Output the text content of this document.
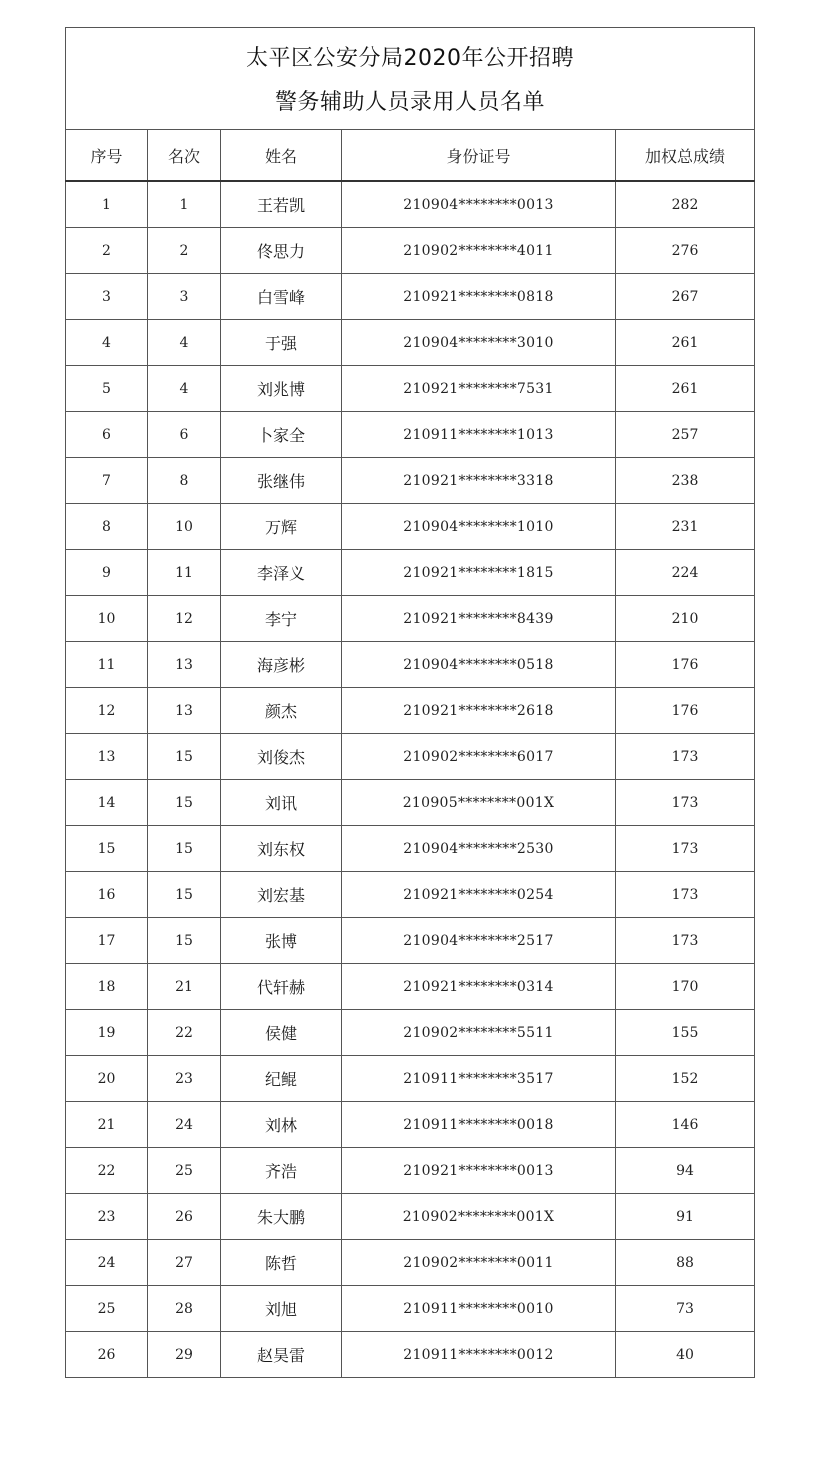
太平区公安分局2020年公开招聘
警务辅助人员录用人员名单				

序号	名次	姓名	身份证号	加权总成绩
1	1	王若凯	210904********0013	282
2	2	佟思力	210902********4011	276
3	3	白雪峰	210921********0818	267
4	4	于强	210904********3010	261
5	4	刘兆博	210921********7531	261
6	6	卜家全	210911********1013	257
7	8	张继伟	210921********3318	238
8	10	万辉	210904********1010	231
9	11	李泽义	210921********1815	224
10	12	李宁	210921********8439	210
11	13	海彦彬	210904********0518	176
12	13	颜杰	210921********2618	176
13	15	刘俊杰	210902********6017	173
14	15	刘讯	210905********001X	173
15	15	刘东权	210904********2530	173
16	15	刘宏基	210921********0254	173
17	15	张博	210904********2517	173
18	21	代轩赫	210921********0314	170
19	22	侯健	210902********5511	155
20	23	纪鲲	210911********3517	152
21	24	刘林	210911********0018	146
22	25	齐浩	210921********0013	94
23	26	朱大鹏	210902********001X	91
24	27	陈哲	210902********0011	88
25	28	刘旭	210911********0010	73
26	29	赵昊雷	210911********0012	40
